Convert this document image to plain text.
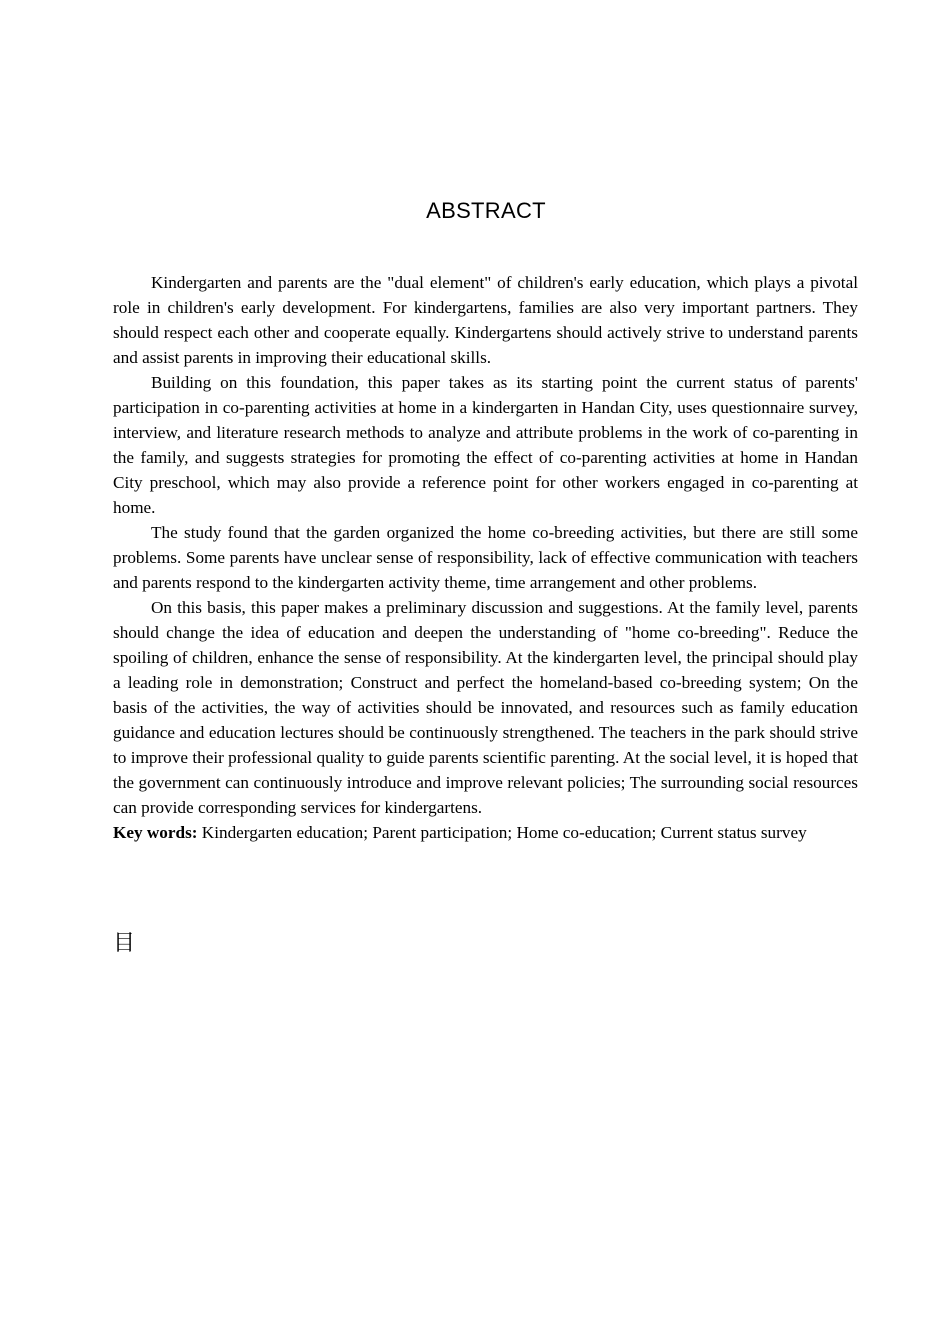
ABSTRACT

Kindergarten and parents are the "dual element" of children's early education, which plays a pivotal role in children's early development. For kindergartens, families are also very important partners. They should respect each other and cooperate equally. Kindergartens should actively strive to understand parents and assist parents in improving their educational skills.

Building on this foundation, this paper takes as its starting point the current status of parents' participation in co-parenting activities at home in a kindergarten in Handan City, uses questionnaire survey, interview, and literature research methods to analyze and attribute problems in the work of co-parenting in the family, and suggests strategies for promoting the effect of co-parenting activities at home in Handan City preschool, which may also provide a reference point for other workers engaged in co-parenting at home.

The study found that the garden organized the home co-breeding activities, but there are still some problems. Some parents have unclear sense of responsibility, lack of effective communication with teachers and parents respond to the kindergarten activity theme, time arrangement and other problems.

On this basis, this paper makes a preliminary discussion and suggestions. At the family level, parents should change the idea of education and deepen the understanding of "home co-breeding". Reduce the spoiling of children, enhance the sense of responsibility. At the kindergarten level, the principal should play a leading role in demonstration; Construct and perfect the homeland-based co-breeding system; On the basis of the activities, the way of activities should be innovated, and resources such as family education guidance and education lectures should be continuously strengthened. The teachers in the park should strive to improve their professional quality to guide parents scientific parenting. At the social level, it is hoped that the government can continuously introduce and improve relevant policies; The surrounding social resources can provide corresponding services for kindergartens.

Key words: Kindergarten education; Parent participation; Home co-education; Current status survey

目
